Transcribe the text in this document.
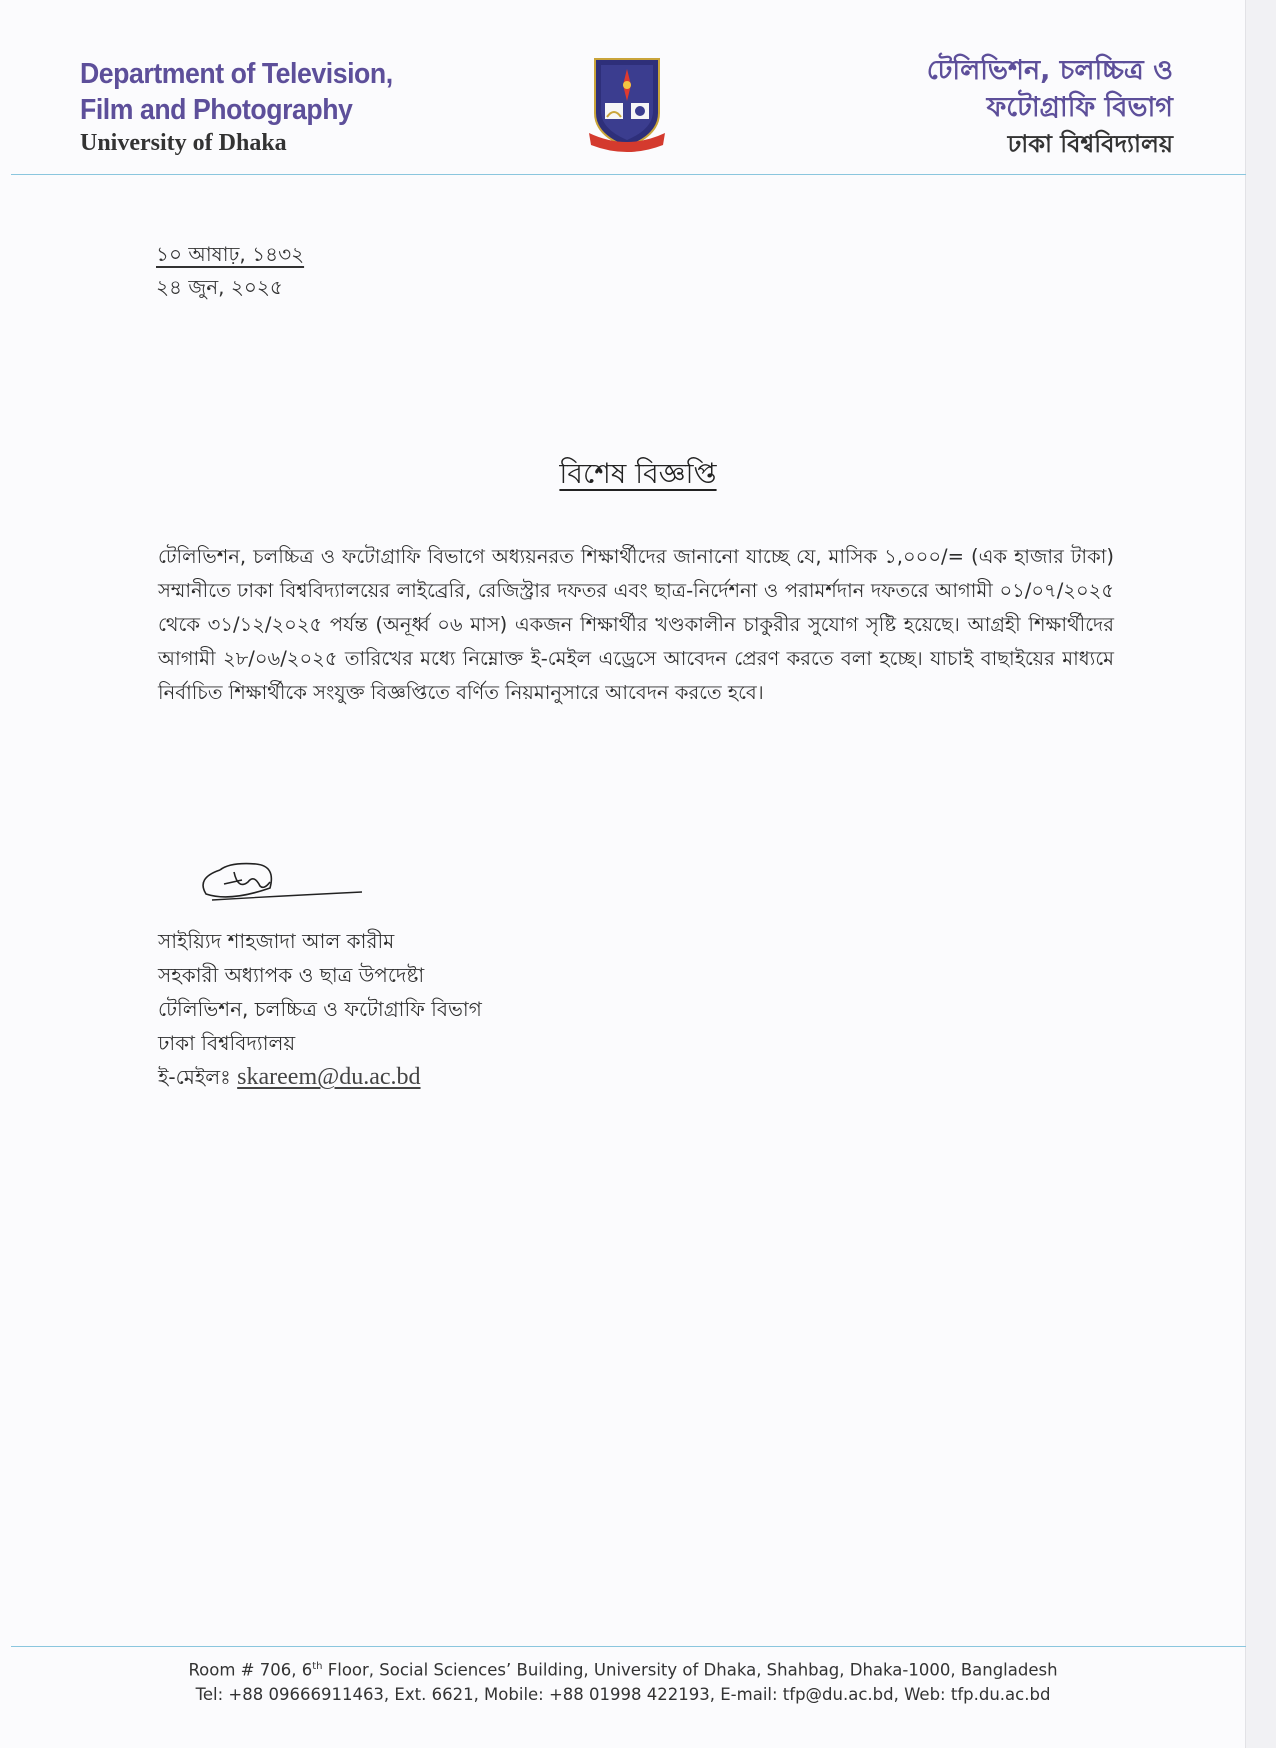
Department of Television,
Film and Photography
University of Dhaka
টেলিভিশন, চলচ্চিত্র ও
ফটোগ্রাফি বিভাগ
ঢাকা বিশ্ববিদ্যালয়
১০ আষাঢ়, ১৪৩২
২৪ জুন, ২০২৫
বিশেষ বিজ্ঞপ্তি
টেলিভিশন, চলচ্চিত্র ও ফটোগ্রাফি বিভাগে অধ্যয়নরত শিক্ষার্থীদের জানানো যাচ্ছে যে, মাসিক ১,০০০/= (এক হাজার টাকা) সম্মানীতে ঢাকা বিশ্ববিদ্যালয়ের লাইব্রেরি, রেজিস্ট্রার দফতর এবং ছাত্র-নির্দেশনা ও পরামর্শদান দফতরে আগামী ০১/০৭/২০২৫ থেকে ৩১/১২/২০২৫ পর্যন্ত (অনূর্ধ্ব ০৬ মাস) একজন শিক্ষার্থীর খণ্ডকালীন চাকুরীর সুযোগ সৃষ্টি হয়েছে। আগ্রহী শিক্ষার্থীদের আগামী ২৮/০৬/২০২৫ তারিখের মধ্যে নিম্নোক্ত ই-মেইল এড্রেসে আবেদন প্রেরণ করতে বলা হচ্ছে। যাচাই বাছাইয়ের মাধ্যমে নির্বাচিত শিক্ষার্থীকে সংযুক্ত বিজ্ঞপ্তিতে বর্ণিত নিয়মানুসারে আবেদন করতে হবে।
সাইয়্যিদ শাহজাদা আল কারীম
সহকারী অধ্যাপক ও ছাত্র উপদেষ্টা
টেলিভিশন, চলচ্চিত্র ও ফটোগ্রাফি বিভাগ
ঢাকা বিশ্ববিদ্যালয়
ই-মেইলঃ skareem@du.ac.bd
Room # 706, 6th Floor, Social Sciences’ Building, University of Dhaka, Shahbag, Dhaka-1000, Bangladesh
Tel: +88 09666911463, Ext. 6621, Mobile: +88 01998 422193, E-mail: tfp@du.ac.bd, Web: tfp.du.ac.bd
